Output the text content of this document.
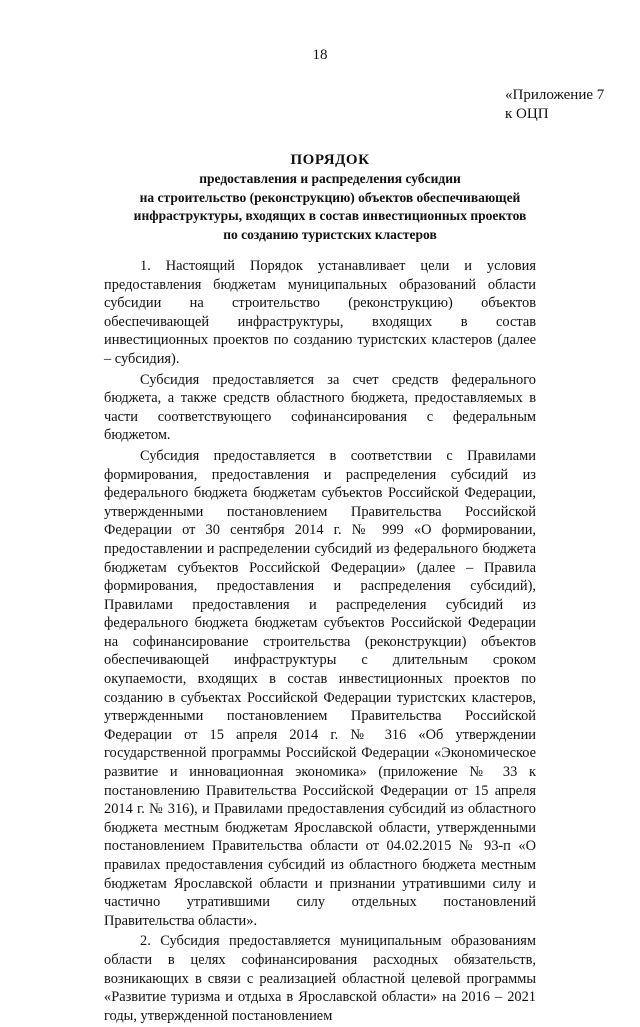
18
«Приложение 7
к ОЦП
ПОРЯДОК
предоставления и распределения субсидии
на строительство (реконструкцию) объектов обеспечивающей
инфраструктуры, входящих в состав инвестиционных проектов
по созданию туристских кластеров

1. Настоящий Порядок устанавливает цели и условия предоставления бюджетам муниципальных образований области субсидии на строительство (реконструкцию) объектов обеспечивающей инфраструктуры, входящих в состав инвестиционных проектов по созданию туристских кластеров (далее – субсидия).

Субсидия предоставляется за счет средств федерального бюджета, а также средств областного бюджета, предоставляемых в части соответствующего софинансирования с федеральным бюджетом.

Субсидия предоставляется в соответствии с Правилами формирования, предоставления и распределения субсидий из федерального бюджета бюджетам субъектов Российской Федерации, утвержденными постановлением Правительства Российской Федерации от 30 сентября 2014 г. № 999 «О формировании, предоставлении и распределении субсидий из федерального бюджета бюджетам субъектов Российской Федерации» (далее – Правила формирования, предоставления и распределения субсидий), Правилами предоставления и распределения субсидий из федерального бюджета бюджетам субъектов Российской Федерации на софинансирование строительства (реконструкции) объектов обеспечивающей инфраструктуры с длительным сроком окупаемости, входящих в состав инвестиционных проектов по созданию в субъектах Российской Федерации туристских кластеров, утвержденными постановлением Правительства Российской Федерации от 15 апреля 2014 г. № 316 «Об утверждении государственной программы Российской Федерации «Экономическое развитие и инновационная экономика» (приложение № 33 к постановлению Правительства Российской Федерации от 15 апреля 2014 г. № 316), и Правилами предоставления субсидий из областного бюджета местным бюджетам Ярославской области, утвержденными постановлением Правительства области от 04.02.2015 № 93-п «О правилах предоставления субсидий из областного бюджета местным бюджетам Ярославской области и признании утратившими силу и частично утратившими силу отдельных постановлений Правительства области».

2. Субсидия предоставляется муниципальным образованиям области в целях софинансирования расходных обязательств, возникающих в связи с реализацией областной целевой программы «Развитие туризма и отдыха в Ярославской области» на 2016 – 2021 годы, утвержденной постановлением
